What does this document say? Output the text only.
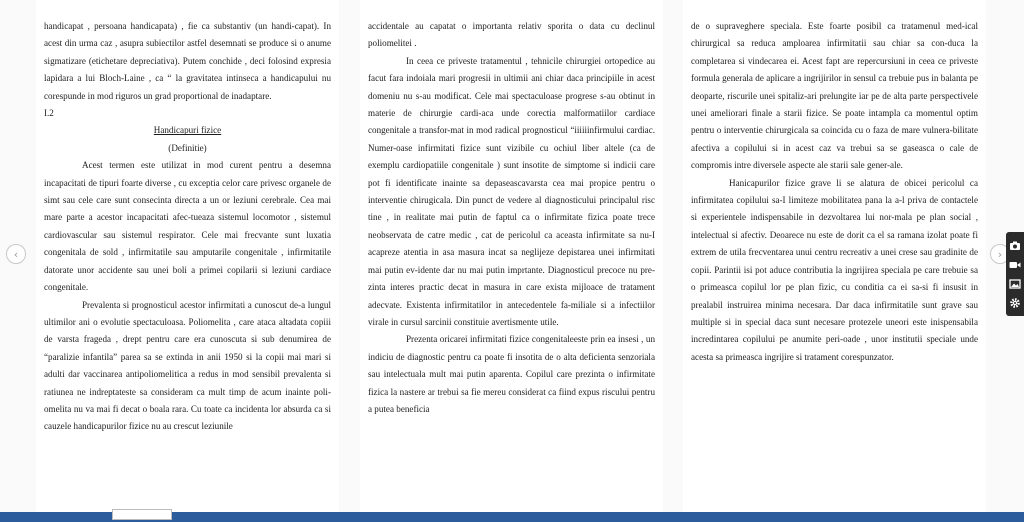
handicapat , persoana handicapata) , fie ca substantiv (un handi-capat). In acest din urma caz , asupra subiectilor astfel desemnati se produce si o anume sigmatizare (etichetare depreciativa). Putem conchide , deci folosind expresia lapidara a lui Bloch-Laine , ca “ la gravitatea intinseca a handicapului nu corespunde in mod riguros un grad proportional de inadaptare.

I.2

Handicapuri fizice

(Definitie)

Acest termen este utilizat in mod curent pentru a desemna incapacitati de tipuri foarte diverse , cu exceptia celor care privesc organele de simt sau cele care sunt consecinta directa a un or leziuni cerebrale. Cea mai mare parte a acestor incapacitati afec-tueaza sistemul locomotor , sistemul cardiovascular sau sistemul respirator. Cele mai frecvante sunt luxatia congenitala de sold , infirmitatile sau amputarile congenitale , infirmitatile datorate unor accidente sau unei boli a primei copilarii si leziuni cardiace congenitale.

Prevalenta si prognosticul acestor infirmitati a cunoscut de-a lungul ultimilor ani o evolutie spectaculoasa. Poliomelita , care ataca altadata copiii de varsta frageda , drept pentru care era cunoscuta si sub denumirea de “paralizie infantila” parea sa se extinda in anii 1950 si la copii mai mari si adulti dar vaccinarea antipoliomelitica a redus in mod sensibil prevalenta si ratiunea ne indreptateste sa consideram ca mult timp de acum inainte poli-omelita nu va mai fi decat o boala rara. Cu toate ca incidenta lor absurda ca si cauzele handicapurilor fizice nu au crescut leziunile

accidentale au capatat o importanta relativ sporita o data cu declinul poliomelitei .

In ceea ce priveste tratamentul , tehnicile chirurgiei ortopedice au facut fara indoiala mari progresii in ultimii ani chiar daca principiile in acest domeniu nu s-au modificat. Cele mai spectaculoase progrese s-au obtinut in materie de chirurgie cardi-aca unde corectia malformatiilor cardiace congenitale a transfor-mat in mod radical prognosticul “iiiiiinfirmului cardiac. Numer-oase infirmitati fizice sunt vizibile cu ochiul liber altele (ca de exemplu cardiopatiile congenitale ) sunt insotite de simptome si indicii care pot fi identificate inainte sa depaseascavarsta cea mai propice pentru o interventie chirugicala. Din punct de vedere al diagnosticului principalul risc tine , in realitate mai putin de faptul ca o infirmitate fizica poate trece neobservata de catre medic , cat de pericolul ca aceasta infirmitate sa nu-I acapreze atentia in asa masura incat sa neglijeze depistarea unei infirmitati mai putin ev-idente dar nu mai putin imprtante. Diagnosticul precoce nu pre-zinta interes practic decat in masura in care exista mijloace de tratament adecvate. Existenta infirmitatilor in antecedentele fa-miliale si a infectiilor virale in cursul sarcinii constituie avertismente utile.

Prezenta oricarei infirmitati fizice congenitaleeste prin ea insesi , un indiciu de diagnostic pentru ca poate fi insotita de o alta deficienta senzoriala sau intelectuala mult mai putin aparenta. Copilul care prezinta o infirmitate fizica la nastere ar trebui sa fie mereu considerat ca fiind expus riscului pentru a putea beneficia

de o supraveghere speciala. Este foarte posibil ca tratamenul med-ical chirurgical sa reduca amploarea infirmitatii sau chiar sa con-duca la completarea si vindecarea ei. Acest fapt are repercursiuni in ceea ce priveste formula generala de aplicare a ingrijirilor in sensul ca trebuie pus in balanta pe deoparte, riscurile unei spitaliz-ari prelungite iar pe de alta parte perspectivele unei ameliorari finale a starii fizice. Se poate intampla ca momentul optim pentru o interventie chirurgicala sa coincida cu o faza de mare vulnera-bilitate afectiva a copilului si in acest caz va trebui sa se gaseasca o cale de compromis intre diversele aspecte ale starii sale gener-ale.

Hanicapurilor fizice grave li se alatura de obicei pericolul ca infirmitatea copilului sa-I limiteze mobilitatea pana la a-l priva de contactele si experientele indispensabile in dezvoltarea lui nor-mala pe plan social , intelectual si afectiv. Deoarece nu este de dorit ca el sa ramana izolat poate fi extrem de utila frecventarea unui centru recreativ a unei crese sau gradinite de copii. Parintii isi pot aduce contributia la ingrijirea speciala pe care trebuie sa o primeasca copilul lor pe plan fizic, cu conditia ca ei sa-si fi insusit in prealabil instruirea minima necesara. Dar daca infirmitatile sunt grave sau multiple si in special daca sunt necesare protezele uneori este inispensabila incredintarea copilului pe anumite peri-oade , unor institutii speciale unde acesta sa primeasca ingrijire si tratament corespunzator.

‹	›
